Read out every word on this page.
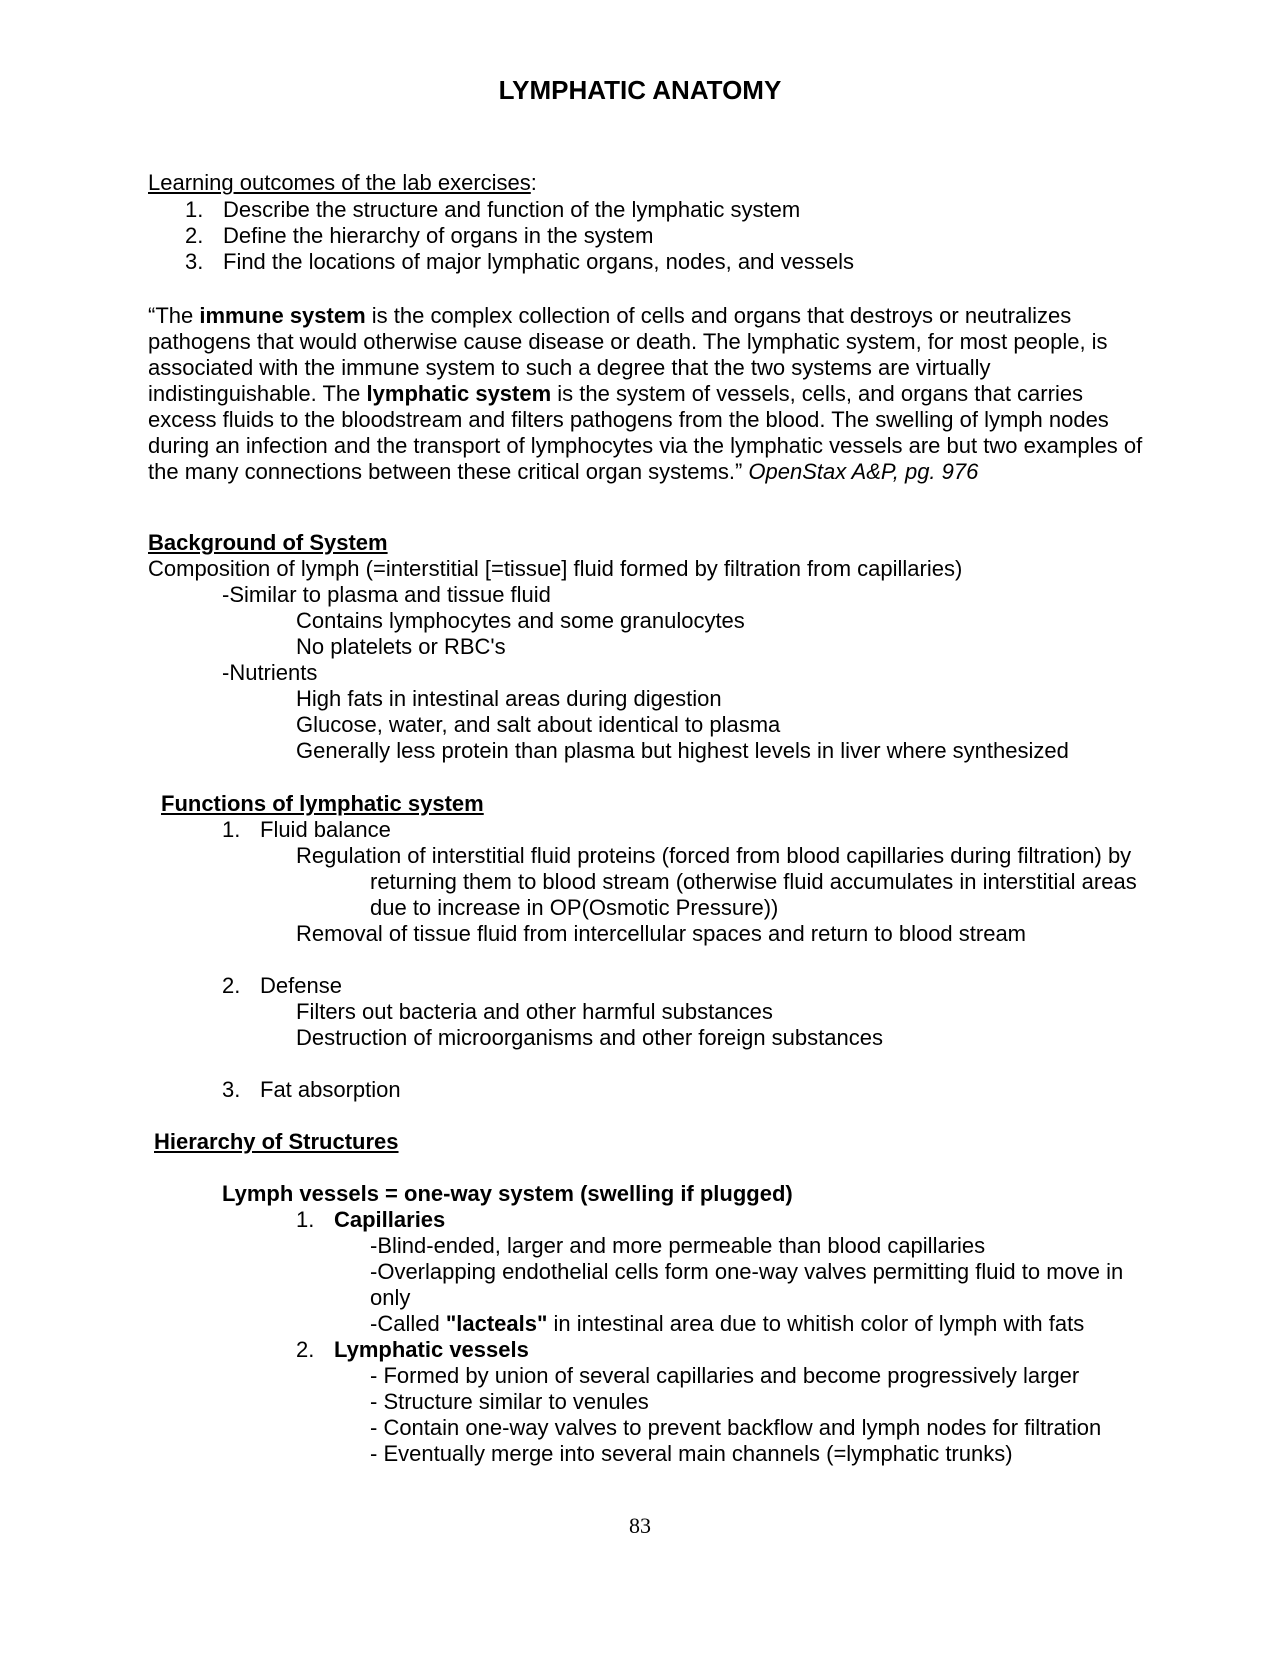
LYMPHATIC ANATOMY
Learning outcomes of the lab exercises:
1. Describe the structure and function of the lymphatic system
2. Define the hierarchy of organs in the system
3. Find the locations of major lymphatic organs, nodes, and vessels
“The immune system is the complex collection of cells and organs that destroys or neutralizes
pathogens that would otherwise cause disease or death. The lymphatic system, for most people, is
associated with the immune system to such a degree that the two systems are virtually
indistinguishable. The lymphatic system is the system of vessels, cells, and organs that carries
excess fluids to the bloodstream and filters pathogens from the blood. The swelling of lymph nodes
during an infection and the transport of lymphocytes via the lymphatic vessels are but two examples of
the many connections between these critical organ systems.” OpenStax A&P, pg. 976
Background of System
Composition of lymph (=interstitial [=tissue] fluid formed by filtration from capillaries)
-Similar to plasma and tissue fluid
Contains lymphocytes and some granulocytes
No platelets or RBC's
-Nutrients
High fats in intestinal areas during digestion
Glucose, water, and salt about identical to plasma
Generally less protein than plasma but highest levels in liver where synthesized
Functions of lymphatic system
1. Fluid balance
Regulation of interstitial fluid proteins (forced from blood capillaries during filtration) by
returning them to blood stream (otherwise fluid accumulates in interstitial areas
due to increase in OP(Osmotic Pressure))
Removal of tissue fluid from intercellular spaces and return to blood stream
2. Defense
Filters out bacteria and other harmful substances
Destruction of microorganisms and other foreign substances
3. Fat absorption
Hierarchy of Structures
Lymph vessels = one-way system (swelling if plugged)
1. Capillaries
-Blind-ended, larger and more permeable than blood capillaries
-Overlapping endothelial cells form one-way valves permitting fluid to move in
only
-Called "lacteals" in intestinal area due to whitish color of lymph with fats
2. Lymphatic vessels
- Formed by union of several capillaries and become progressively larger
- Structure similar to venules
- Contain one-way valves to prevent backflow and lymph nodes for filtration
- Eventually merge into several main channels (=lymphatic trunks)
83
